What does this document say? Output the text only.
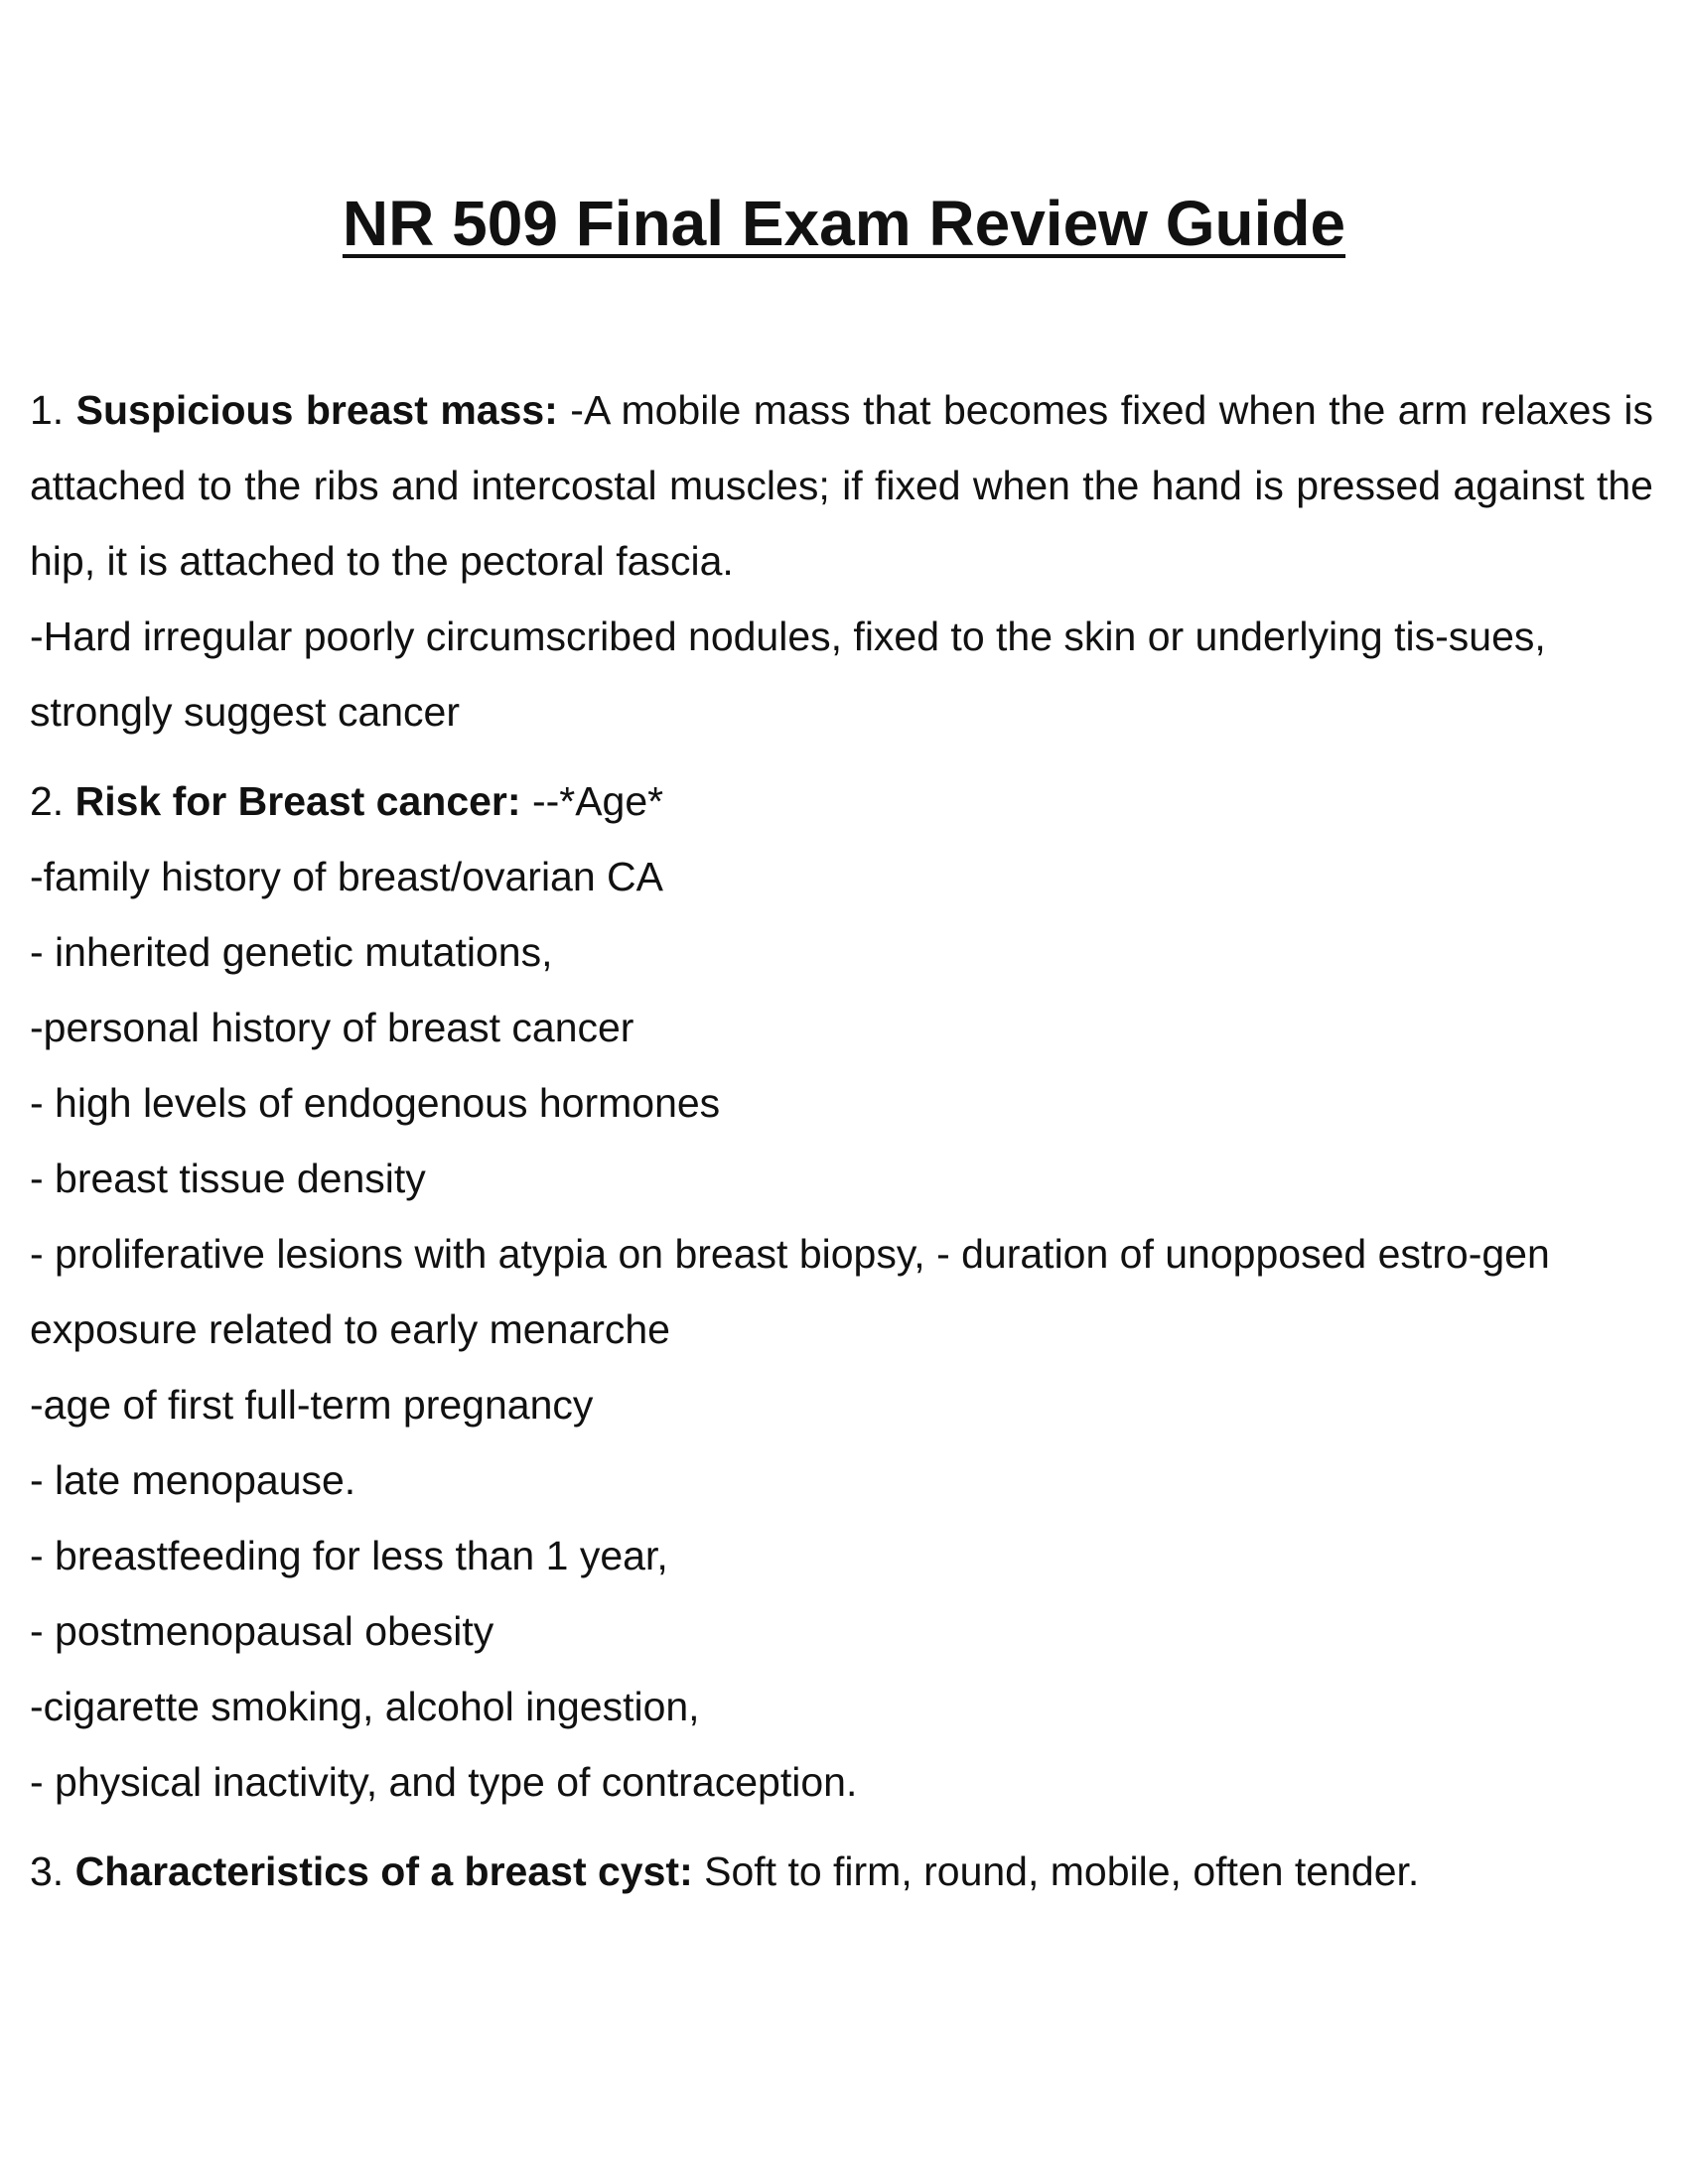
NR 509 Final Exam Review Guide

1. Suspicious breast mass: -A mobile mass that becomes fixed when the arm relaxes is attached to the ribs and intercostal muscles; if fixed when the hand is pressed against the hip, it is attached to the pectoral fascia.

-Hard irregular poorly circumscribed nodules, fixed to the skin or underlying tis-sues, strongly suggest cancer

2. Risk for Breast cancer: --*Age*

-family history of breast/ovarian CA

- inherited genetic mutations,

-personal history of breast cancer

- high levels of endogenous hormones

- breast tissue density

- proliferative lesions with atypia on breast biopsy, - duration of unopposed estro-gen exposure related to early menarche

-age of first full-term pregnancy

- late menopause.

- breastfeeding for less than 1 year,

- postmenopausal obesity

-cigarette smoking, alcohol ingestion,

- physical inactivity, and type of contraception.

3. Characteristics of a breast cyst: Soft to firm, round, mobile, often tender.
